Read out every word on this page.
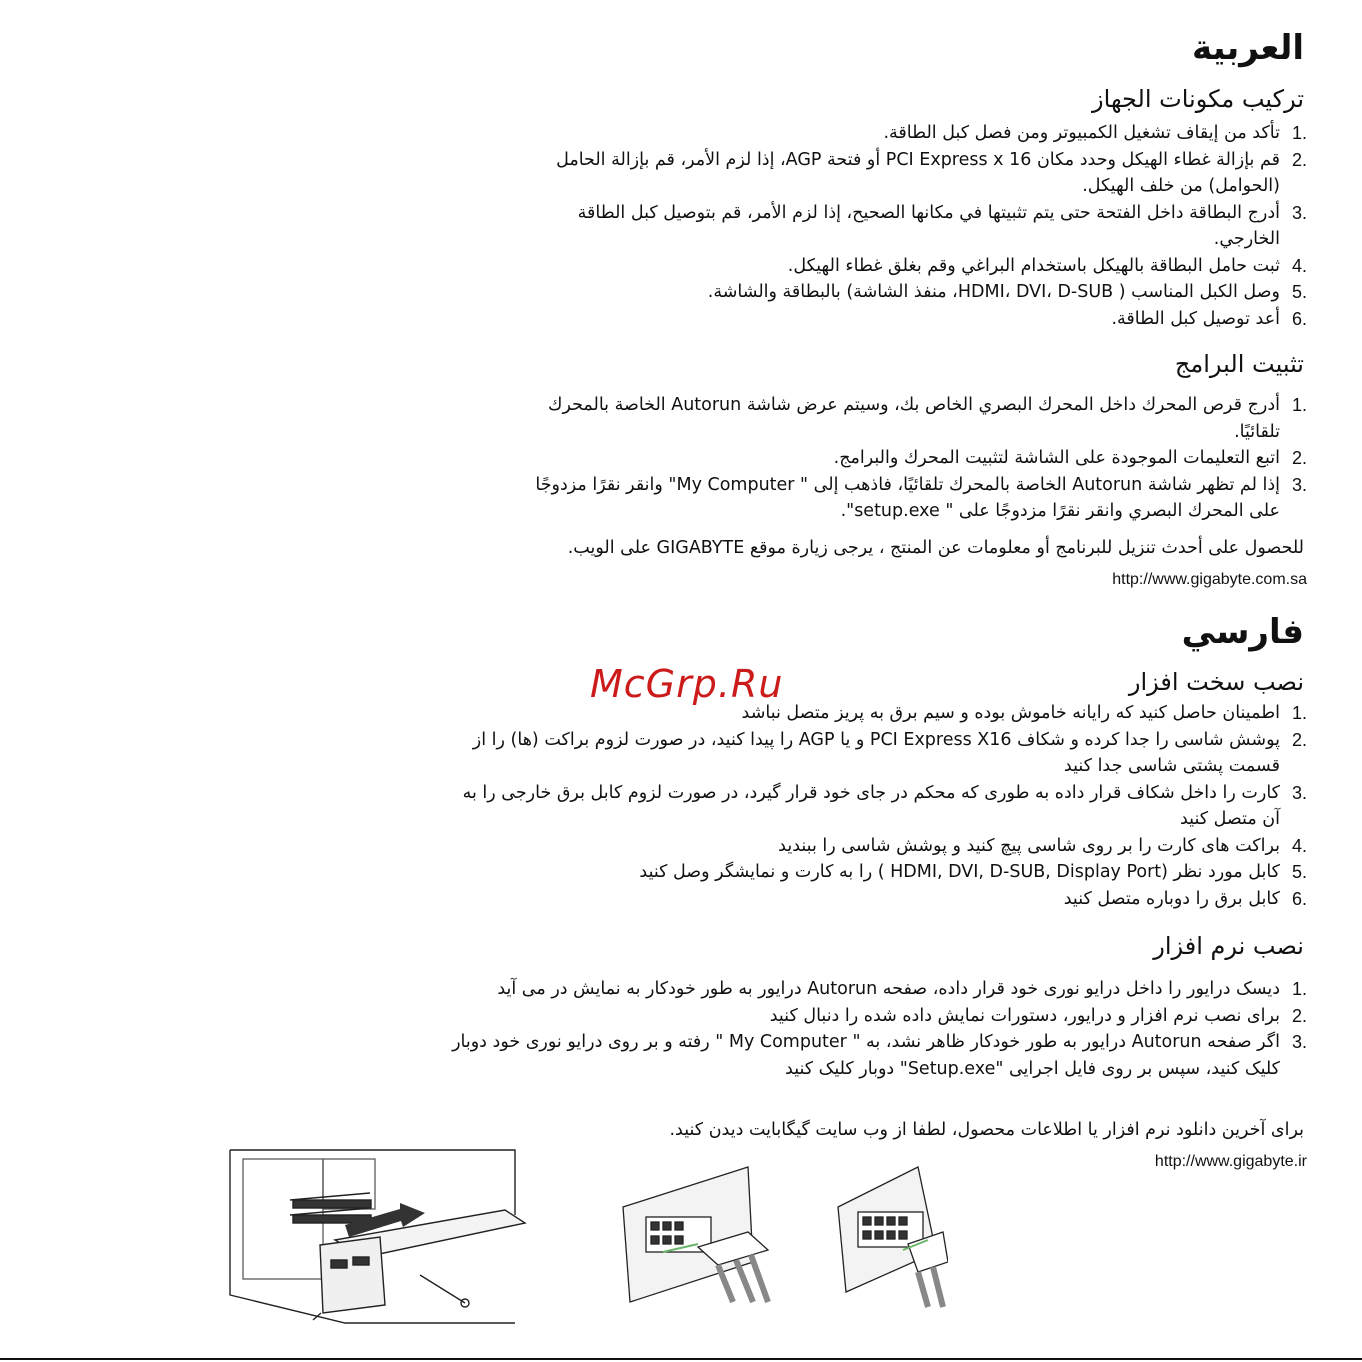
العربية
تركيب مكونات الجهاز
1.
تأكد من إيقاف تشغيل الكمبيوتر ومن فصل كبل الطاقة.
2.
قم بإزالة غطاء الهيكل وحدد مكان PCI Express x 16 أو فتحة AGP، إذا لزم الأمر، قم بإزالة الحامل (الحوامل) من خلف الهيكل.
3.
أدرج البطاقة داخل الفتحة حتى يتم تثبيتها في مكانها الصحيح، إذا لزم الأمر، قم بتوصيل كبل الطاقة الخارجي.
4.
ثبت حامل البطاقة بالهيكل باستخدام البراغي وقم بغلق غطاء الهيكل.
5.
وصل الكبل المناسب ( HDMI، DVI، D-SUB، منفذ الشاشة) بالبطاقة والشاشة.
6.
أعد توصيل كبل الطاقة.
تثبيت البرامج
1.
أدرج قرص المحرك داخل المحرك البصري الخاص بك، وسيتم عرض شاشة Autorun الخاصة بالمحرك تلقائيًا.
2.
اتبع التعليمات الموجودة على الشاشة لتثبيت المحرك والبرامج.
3.
إذا لم تظهر شاشة Autorun الخاصة بالمحرك تلقائيًا، فاذهب إلى " My Computer" وانقر نقرًا مزدوجًا على المحرك البصري وانقر نقرًا مزدوجًا على " setup.exe".
للحصول على أحدث تنزيل للبرنامج أو معلومات عن المنتج ، يرجى زيارة موقع GIGABYTE على الويب.
http://www.gigabyte.com.sa
فارسي
McGrp.Ru	نصب سخت افزار
1.
اطمینان حاصل کنید که رایانه خاموش بوده و سیم برق به پریز متصل نباشد
2.
پوشش شاسی را جدا کرده و شکاف PCI Express X16 و یا AGP را پیدا کنید، در صورت لزوم براکت (ها) را از قسمت پشتی شاسی جدا کنید
3.
کارت را داخل شکاف قرار داده به طوری که محکم در جای خود قرار گیرد، در صورت لزوم کابل برق خارجی را به آن متصل کنید
4.
براکت های کارت را بر روی شاسی پیچ کنید و پوشش شاسی را ببندید
5.
کابل مورد نظر (HDMI, DVI, D-SUB, Display Port ) را به کارت و نمایشگر وصل کنید
6.
کابل برق را دوباره متصل کنید
نصب نرم افزار
1.
دیسک درایور را داخل درایو نوری خود قرار داده، صفحه Autorun درایور به طور خودکار به نمایش در می آید
2.
برای نصب نرم افزار و درایور، دستورات نمایش داده شده را دنبال کنید
3.
اگر صفحه Autorun درایور به طور خودکار ظاهر نشد، به " My Computer " رفته و بر روی درایو نوری خود دوبار کلیک کنید، سپس بر روی فایل اجرایی "Setup.exe" دوبار کلیک کنید
برای آخرین دانلود نرم افزار یا اطلاعات محصول، لطفا از وب سایت گیگابایت دیدن کنید.
http://www.gigabyte.ir
